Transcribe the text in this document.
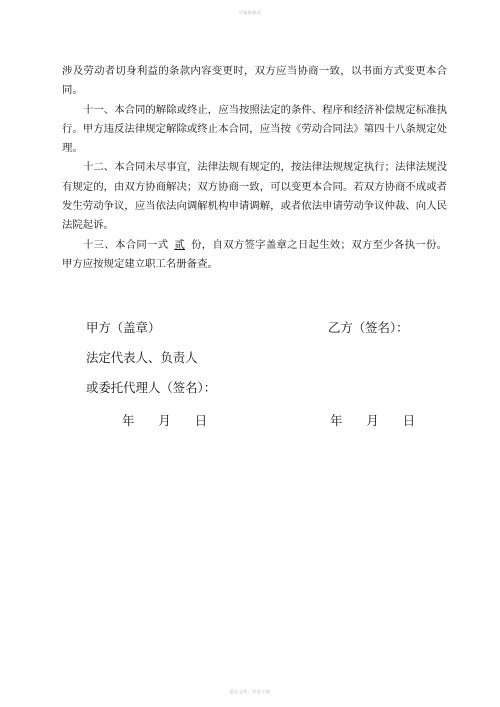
可编辑修改

涉及劳动者切身利益的条款内容变更时，双方应当协商一致，以书面方式变更本合同。

十一、本合同的解除或终止，应当按照法定的条件、程序和经济补偿规定标准执行。甲方违反法律规定解除或终止本合同，应当按《劳动合同法》第四十八条规定处理。

十二、本合同未尽事宜，法律法规有规定的，按法律法规规定执行；法律法规没有规定的，由双方协商解决；双方协商一致，可以变更本合同。若双方协商不成或者发生劳动争议，应当依法向调解机构申请调解，或者依法申请劳动争议仲裁、向人民法院起诉。

十三、本合同一式 贰 份，自双方签字盖章之日起生效；双方至少各执一份。甲方应按规定建立职工名册备查。

甲方（盖章）	乙方（签名）：
法定代表人、负责人
或委托代理人（签名）：
年 月 日	年 月 日
精品文档，欢迎下载
